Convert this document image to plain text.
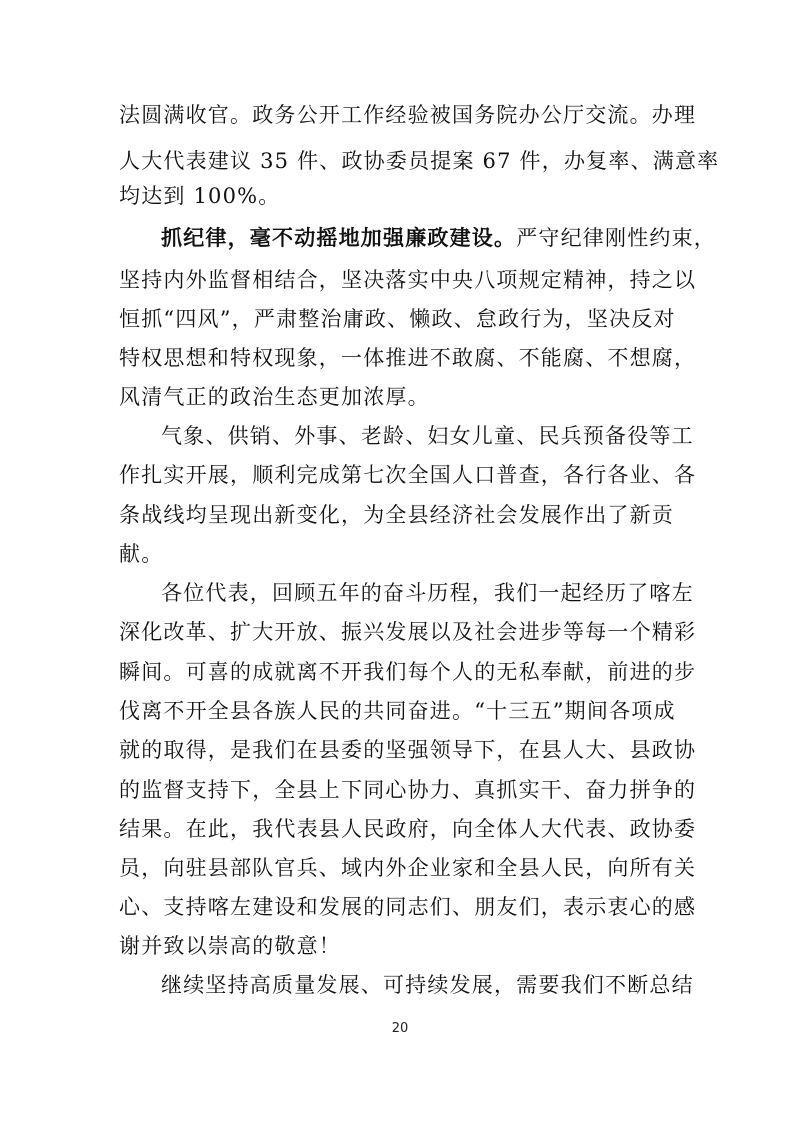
法圆满收官。政务公开工作经验被国务院办公厅交流。办理
人大代表建议 35 件、政协委员提案 67 件，办复率、满意率
均达到 100%。
抓纪律，毫不动摇地加强廉政建设。严守纪律刚性约束，
坚持内外监督相结合，坚决落实中央八项规定精神，持之以
恒抓“四风”，严肃整治庸政、懒政、怠政行为，坚决反对
特权思想和特权现象，一体推进不敢腐、不能腐、不想腐，
风清气正的政治生态更加浓厚。
气象、供销、外事、老龄、妇女儿童、民兵预备役等工
作扎实开展，顺利完成第七次全国人口普查，各行各业、各
条战线均呈现出新变化，为全县经济社会发展作出了新贡
献。
各位代表，回顾五年的奋斗历程，我们一起经历了喀左
深化改革、扩大开放、振兴发展以及社会进步等每一个精彩
瞬间。可喜的成就离不开我们每个人的无私奉献，前进的步
伐离不开全县各族人民的共同奋进。“十三五”期间各项成
就的取得，是我们在县委的坚强领导下，在县人大、县政协
的监督支持下，全县上下同心协力、真抓实干、奋力拼争的
结果。在此，我代表县人民政府，向全体人大代表、政协委
员，向驻县部队官兵、域内外企业家和全县人民，向所有关
心、支持喀左建设和发展的同志们、朋友们，表示衷心的感
谢并致以崇高的敬意！
继续坚持高质量发展、可持续发展，需要我们不断总结
20
